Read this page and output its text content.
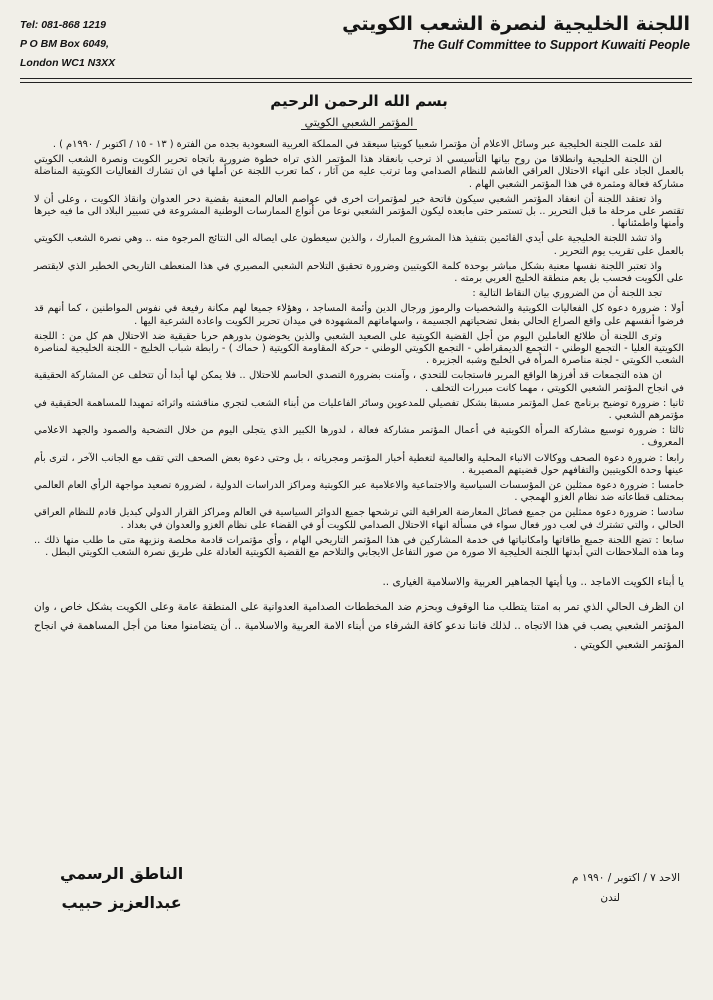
Tel: 081-868 1219
P O BM Box 6049,
London WC1 N3XX
اللجنة الخليجية لنصرة الشعب الكويتي
The Gulf Committee to Support Kuwaiti People
بسم الله الرحمن الرحيم
المؤتمر الشعبي الكويتي

لقد علمت اللجنة الخليجية عبر وسائل الاعلام أن مؤتمرا شعبيا كويتيا سيعقد في المملكة العربية السعودية بجده من الفترة ( ١٣ - ١٥ / اكتوبر / ١٩٩٠م ) .

ان اللجنة الخليجية وانطلاقا من روح بيانها التأسيسي اذ ترحب بانعقاد هذا المؤتمر الذي تراه خطوة ضرورية باتجاه تحرير الكويت ونصرة الشعب الكويتي بالعمل الجاد على انهاء الاحتلال العراقي الغاشم للنظام الصدامي وما ترتب عليه من آثار ، كما تعرب اللجنة عن أملها في ان تشارك الفعاليات الكويتية المناضلة مشاركة فعالة ومثمرة في هذا المؤتمر الشعبي الهام .

واذ تعتقد اللجنة أن انعقاد المؤتمر الشعبي سيكون فاتحة خير لمؤتمرات اخرى في عواصم العالم المعنية بقضية دحر العدوان وانقاذ الكويت ، وعلى أن لا تقتصر على مرحلة ما قبل التحرير .. بل تستمر حتى مابعده ليكون المؤتمر الشعبي نوعا من أنواع الممارسات الوطنية المشروعة في تسيير البلاد الى ما فيه خيرها وأمنها واطمئنانها .

واذ تشد اللجنة الخليجية على أيدي القائمين بتنفيذ هذا المشروع المبارك ، والذين سيعطون على ايصاله الى النتائج المرجوة منه .. وهي نصرة الشعب الكويتي بالعمل على تقريب يوم التحرير .

واذ تعتبر اللجنة نفسها معنية بشكل مباشر بوحدة كلمة الكويتيين وضرورة تحقيق التلاحم الشعبي المصيري في هذا المنعطف التاريخي الخطير الذي لايقتصر على الكويت فحسب بل يعم منطقة الخليج العربي برمته .

تجد اللجنة أن من الضروري بيان النقاط التالية :

أولا : ضرورة دعوة كل الفعاليات الكويتية والشخصيات والرموز ورجال الدين وأئمة المساجد ، وهؤلاء جميعا لهم مكانة رفيعة في نفوس المواطنين ، كما أنهم قد فرضوا أنفسهم على واقع الصراع الحالي بفعل تضحياتهم الجسيمة ، واسهاماتهم المشهودة في ميدان تحرير الكويت واعادة الشرعية اليها .

وترى اللجنة أن طلائع العاملين اليوم من أجل القضية الكويتية على الصعيد الشعبي والذين يخوضون بدورهم حربا حقيقية ضد الاحتلال هم كل من : اللجنة الكويتية العليا - التجمع الوطني - التجمع الديمقراطي - التجمع الكويتي الوطني - حركة المقاومة الكويتية ( حماك ) - رابطة شباب الخليج - اللجنة الخليجية لمناصرة الشعب الكويتي - لجنة مناصرة المرأة في الخليج وشبه الجزيرة .

ان هذه التجمعات قد أفرزها الواقع المرير فاستجابت للتحدي ، وآمنت بضرورة التصدي الحاسم للاحتلال .. فلا يمكن لها أبدا أن تتخلف عن المشاركة الحقيقية في انجاح المؤتمر الشعبي الكويتي ، مهما كانت مبررات التخلف .

ثانيا : ضرورة توضيح برنامج عمل المؤتمر مسبقا بشكل تفصيلي للمدعوين وسائر الفاعليات من أبناء الشعب لتجري مناقشته واثرائه تمهيدا للمساهمة الحقيقية في مؤتمرهم الشعبي .

ثالثا : ضرورة توسيع مشاركة المرأة الكويتية في أعمال المؤتمر مشاركة فعالة ، لدورها الكبير الذي يتجلى اليوم من خلال التضحية والصمود والجهد الاعلامي المعروف .

رابعا : ضرورة دعوة الصحف ووكالات الانباء المحلية والعالمية لتغطية أخبار المؤتمر ومجرياته ، بل وحتى دعوة بعض الصحف التي تقف مع الجانب الآخر ، لترى بأم عينها وحدة الكويتيين والتفافهم حول قضيتهم المصيرية .

خامسا : ضرورة دعوة ممثلين عن المؤسسات السياسية والاجتماعية والاعلامية عبر الكويتية ومراكز الدراسات الدولية ، لضرورة تصعيد مواجهة الرأي العام العالمي بمختلف قطاعاته ضد نظام الغزو الهمجي .

سادسا : ضرورة دعوة ممثلين من جميع فصائل المعارضة العراقية التي ترشحها جميع الدوائر السياسية في العالم ومراكز القرار الدولي كبديل قادم للنظام العراقي الحالي ، والتي تشترك في لعب دور فعال سواء في مسألة انهاء الاحتلال الصدامي للكويت أو في القضاء على نظام الغزو والعدوان في بغداد .

سابعا : تضع اللجنة جميع طاقاتها وامكانياتها في خدمة المشاركين في هذا المؤتمر التاريخي الهام ، وأي مؤتمرات قادمة مخلصة ونزيهة متى ما طلب منها ذلك .. وما هذه الملاحظات التي أبدتها اللجنة الخليجية الا صورة من صور التفاعل الايجابي والتلاحم مع القضية الكويتية العادلة على طريق نصرة الشعب الكويتي البطل .

يا أبناء الكويت الاماجد .. ويا أيتها الجماهير العربية والاسلامية الغيارى ..

ان الظرف الحالي الذي تمر به امتنا يتطلب منا الوقوف وبحزم ضد المخططات الصدامية العدوانية على المنطقة عامة وعلى الكويت بشكل خاص ، وان المؤتمر الشعبي يصب في هذا الاتجاه .. لذلك فاننا ندعو كافة الشرفاء من أبناء الامة العربية والاسلامية .. أن يتضامنوا معنا من أجل المساهمة في انجاح المؤتمر الشعبي الكويتي .

الاحد ٧ / اكتوبر / ١٩٩٠ م
لندن
الناطق الرسمي
عبدالعزيز حبيب
